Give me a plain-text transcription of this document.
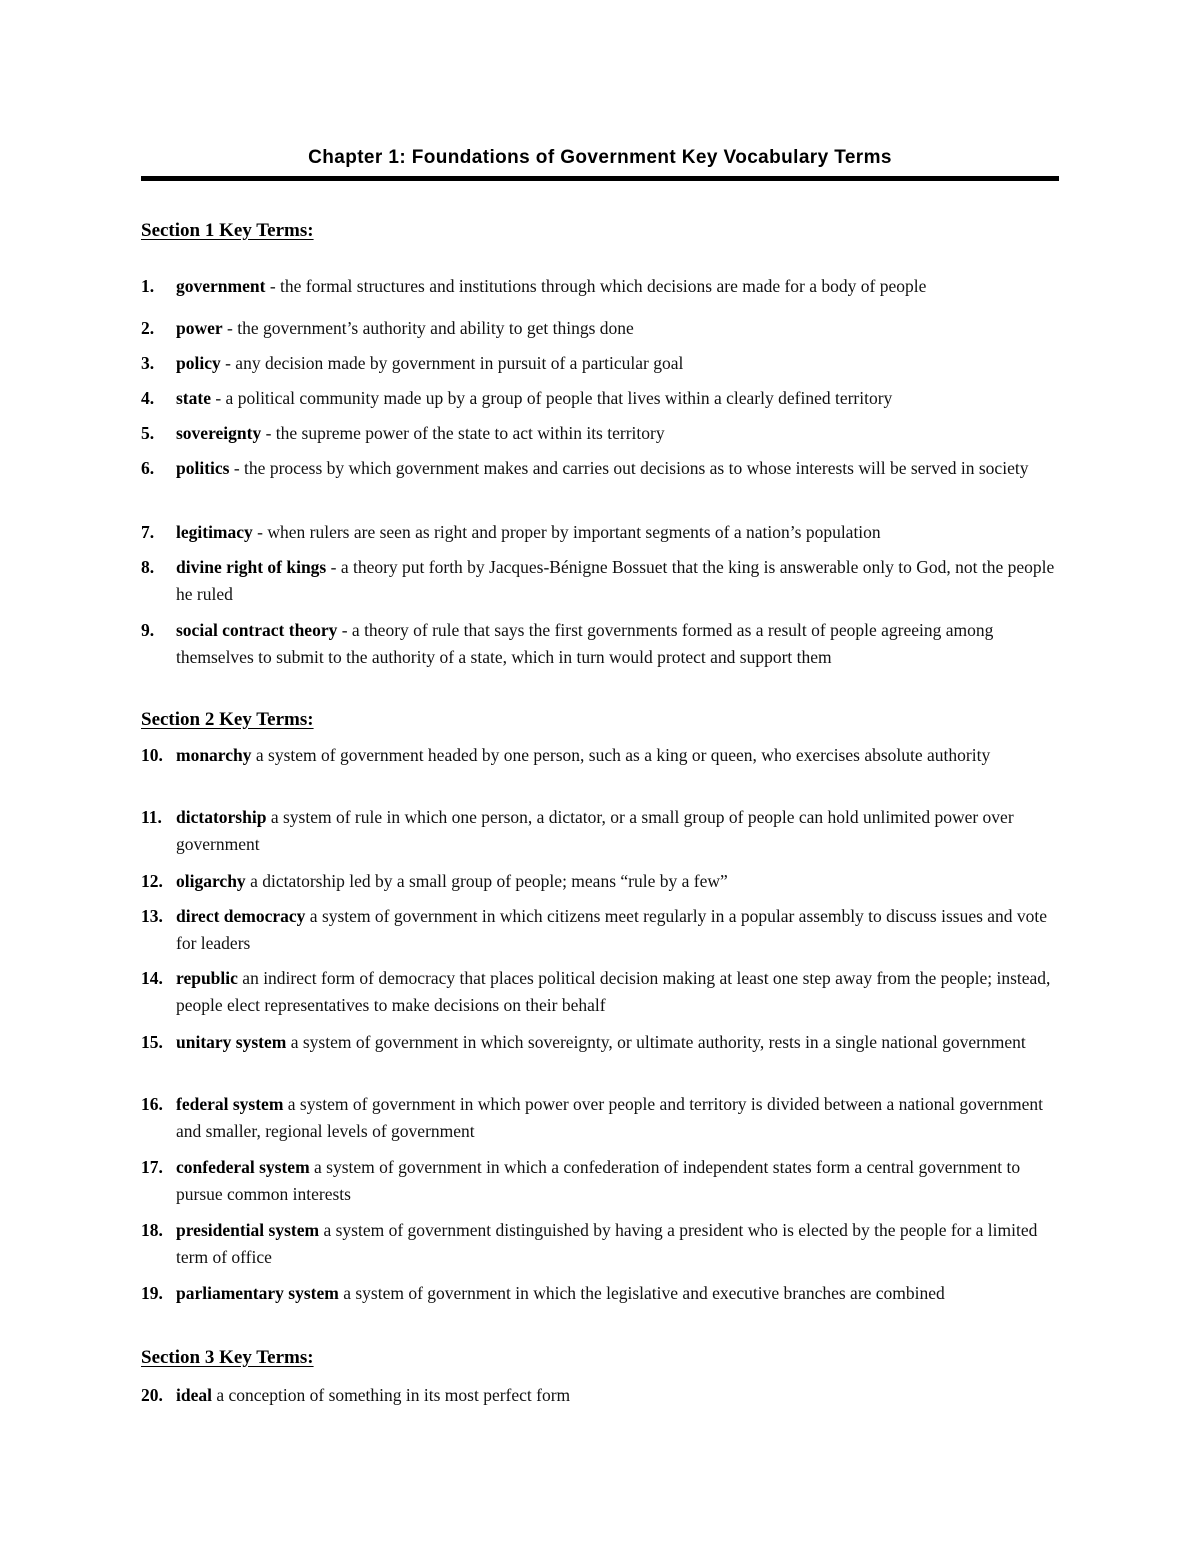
Chapter 1: Foundations of Government Key Vocabulary Terms
Section 1 Key Terms:
1. government - the formal structures and institutions through which decisions are made for a body of people
2. power - the government’s authority and ability to get things done
3. policy - any decision made by government in pursuit of a particular goal
4. state - a political community made up by a group of people that lives within a clearly defined territory
5. sovereignty - the supreme power of the state to act within its territory
6. politics - the process by which government makes and carries out decisions as to whose interests will be served in society
7. legitimacy - when rulers are seen as right and proper by important segments of a nation’s population
8. divine right of kings - a theory put forth by Jacques-Bénigne Bossuet that the king is answerable only to God, not the people he ruled
9. social contract theory - a theory of rule that says the first governments formed as a result of people agreeing among themselves to submit to the authority of a state, which in turn would protect and support them
Section 2 Key Terms:
10. monarchy a system of government headed by one person, such as a king or queen, who exercises absolute authority
11. dictatorship a system of rule in which one person, a dictator, or a small group of people can hold unlimited power over government
12. oligarchy a dictatorship led by a small group of people; means “rule by a few”
13. direct democracy a system of government in which citizens meet regularly in a popular assembly to discuss issues and vote for leaders
14. republic an indirect form of democracy that places political decision making at least one step away from the people; instead, people elect representatives to make decisions on their behalf
15. unitary system a system of government in which sovereignty, or ultimate authority, rests in a single national government
16. federal system a system of government in which power over people and territory is divided between a national government and smaller, regional levels of government
17. confederal system a system of government in which a confederation of independent states form a central government to pursue common interests
18. presidential system a system of government distinguished by having a president who is elected by the people for a limited term of office
19. parliamentary system a system of government in which the legislative and executive branches are combined
Section 3 Key Terms:
20. ideal a conception of something in its most perfect form
